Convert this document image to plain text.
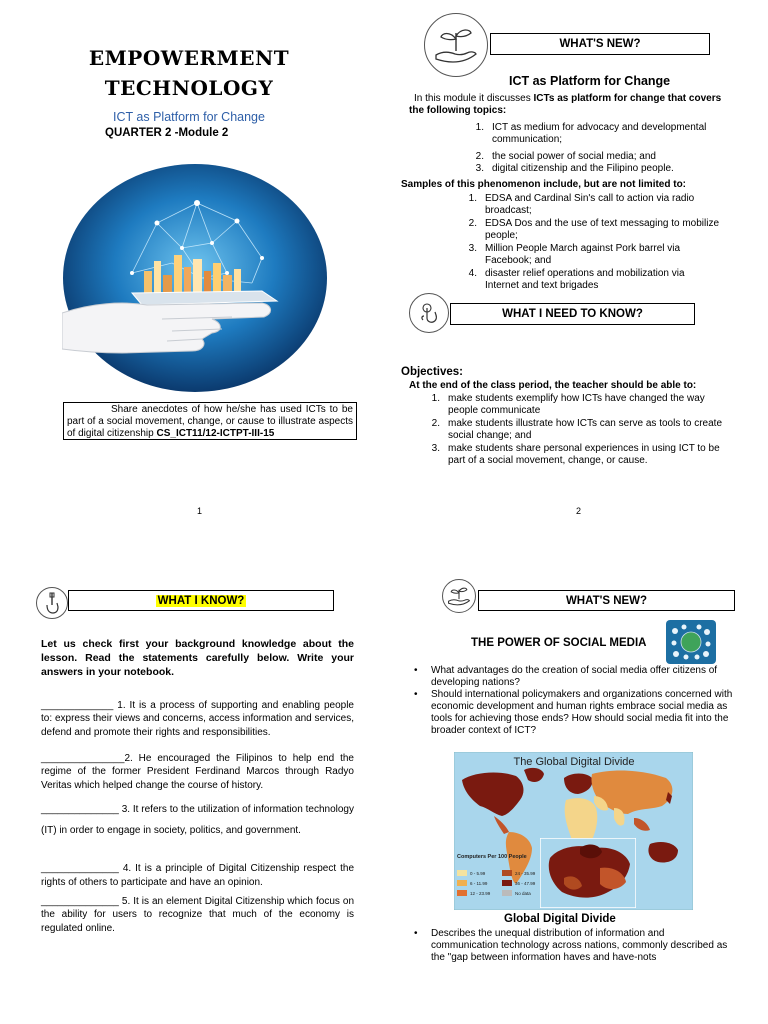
EMPOWERMENT
TECHNOLOGY
ICT as Platform for Change
QUARTER 2 -Module 2
Share anecdotes of how he/she has used ICTs to be part of a social movement, change, or cause to illustrate aspects of digital citizenship CS_ICT11/12-ICTPT-III-15
1
WHAT'S NEW?
ICT as Platform for Change
In this module it discusses ICTs as platform for change that covers
the following topics:
1. ICT as medium for advocacy and developmental communication;
2. the social power of social media; and
3. digital citizenship and the Filipino people.
Samples of this phenomenon include, but are not limited to:
1. EDSA and Cardinal Sin's call to action via radio broadcast;
2. EDSA Dos and the use of text messaging to mobilize people;
3. Million People March against Pork barrel via Facebook; and
4. disaster relief operations and mobilization via Internet and text brigades
WHAT I NEED TO KNOW?
Objectives:
At the end of the class period, the teacher should be able to:
1. make students exemplify how ICTs have changed the way people communicate
2. make students illustrate how ICTs can serve as tools to create social change; and
3. make students share personal experiences in using ICT to be part of a social movement, change, or cause.
2
WHAT I KNOW?
Let us check first your background knowledge about the lesson. Read the statements carefully below. Write your answers in your notebook.
_____________ 1. It is a process of supporting and enabling people to: express their views and concerns, access information and services, defend and promote their rights and responsibilities.
_______________2. He encouraged the Filipinos to help end the regime of the former President Ferdinand Marcos through Radyo Veritas which helped change the course of history.
______________ 3. It refers to the utilization of information technology (IT) in order to engage in society, politics, and government.
______________ 4. It is a principle of Digital Citizenship respect the rights of others to participate and have an opinion.
______________ 5. It is an element Digital Citizenship which focus on the ability for users to recognize that much of the economy is regulated online.
WHAT'S NEW?
THE POWER OF SOCIAL MEDIA
•	What advantages do the creation of social media offer citizens of developing nations?
•	Should international policymakers and organizations concerned with economic development and human rights embrace social media as tools for achieving those ends? How should social media fit into the broader context of ICT?
The Global Digital Divide
Computers Per 100 People
0 - 5.99	24 - 35.99
6 - 11.99	36 - 47.99
12 - 23.99	No data
Global Digital Divide
•	Describes the unequal distribution of information and communication technology across nations, commonly described as the "gap between information haves and have-nots
